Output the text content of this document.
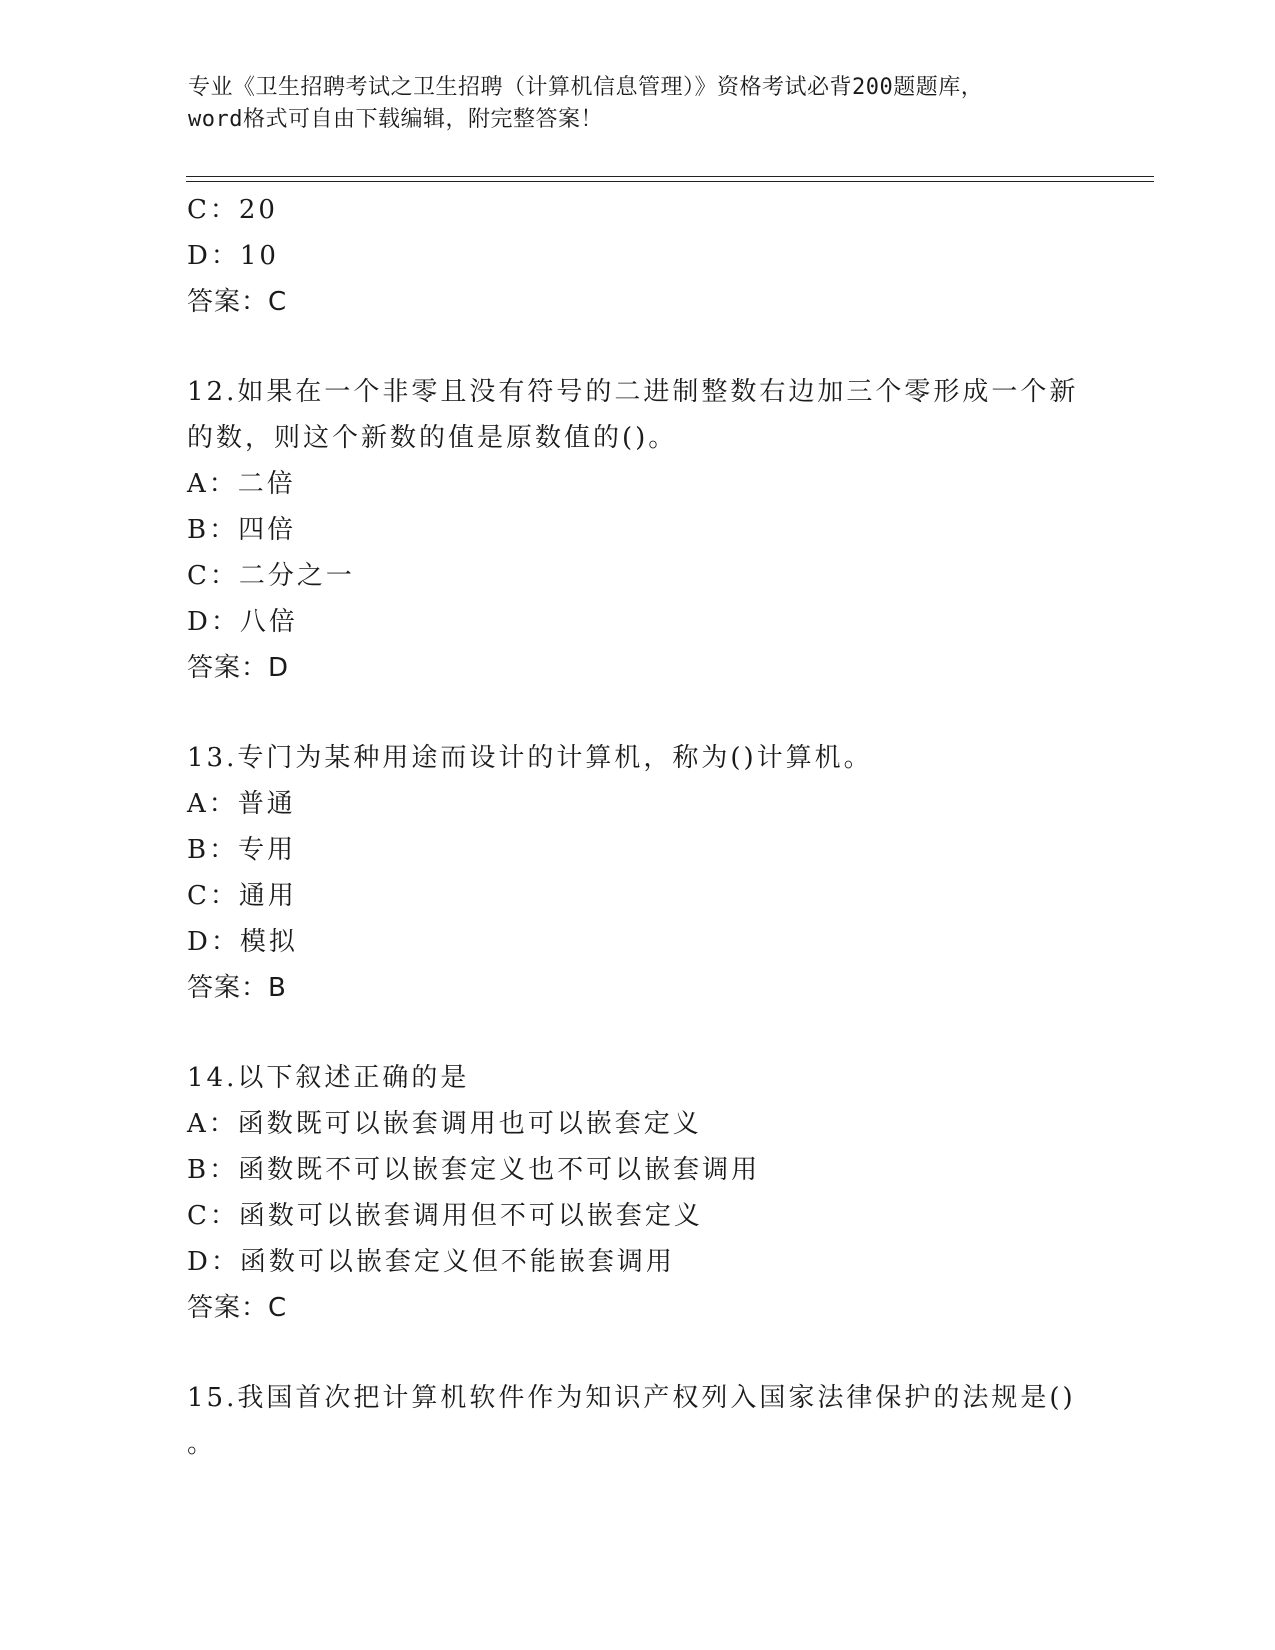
专业《卫生招聘考试之卫生招聘（计算机信息管理）》资格考试必背200题题库，
word格式可自由下载编辑，附完整答案！
C：20
D：10
答案：C
12.如果在一个非零且没有符号的二进制整数右边加三个零形成一个新
的数，则这个新数的值是原数值的()。
A：二倍
B：四倍
C：二分之一
D：八倍
答案：D
13.专门为某种用途而设计的计算机，称为()计算机。
A：普通
B：专用
C：通用
D：模拟
答案：B
14.以下叙述正确的是
A：函数既可以嵌套调用也可以嵌套定义
B：函数既不可以嵌套定义也不可以嵌套调用
C：函数可以嵌套调用但不可以嵌套定义
D：函数可以嵌套定义但不能嵌套调用
答案：C
15.我国首次把计算机软件作为知识产权列入国家法律保护的法规是()
。
